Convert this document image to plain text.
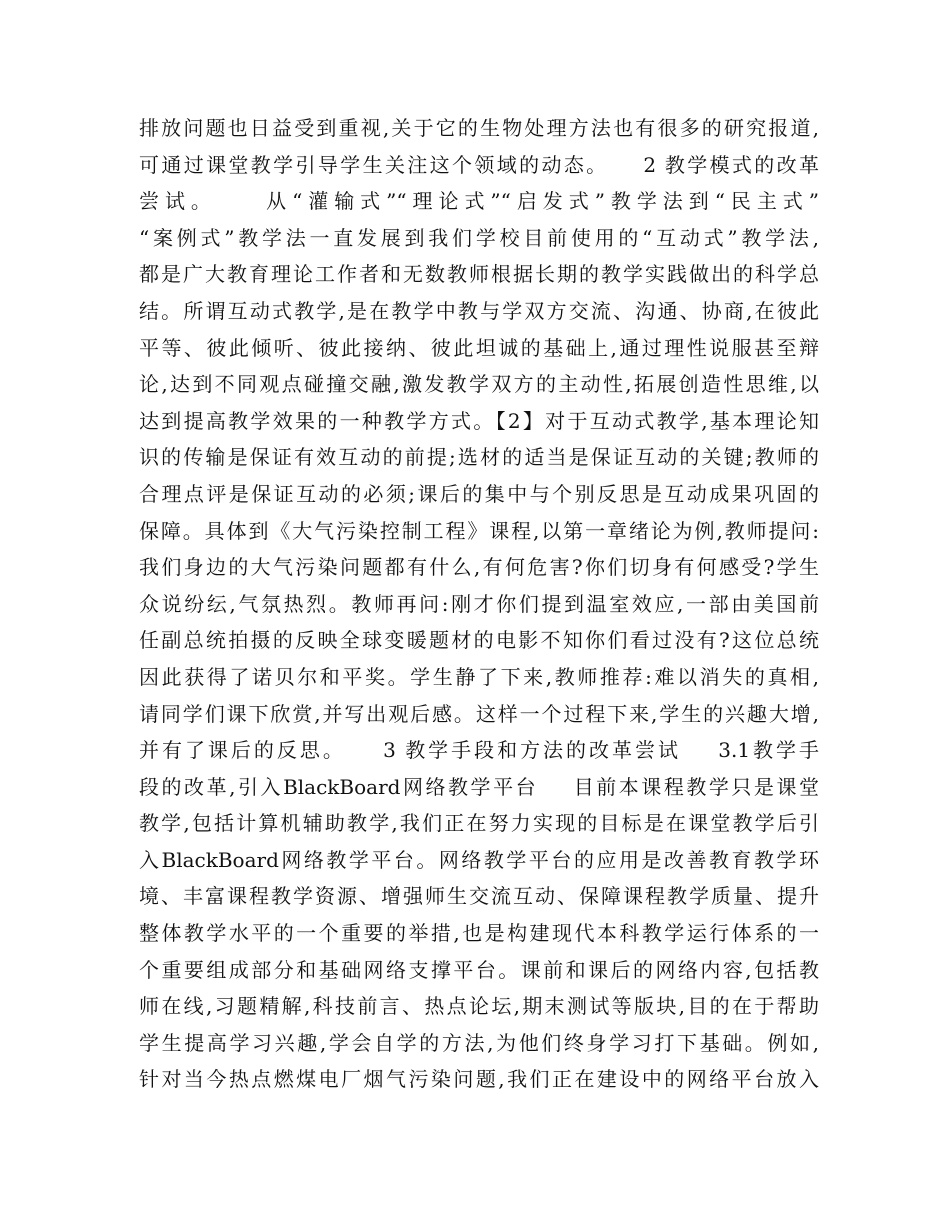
排放问题也日益受到重视,关于它的生物处理方法也有很多的研究报道,
可通过课堂教学引导学生关注这个领域的动态。    2 教学模式的改革
尝试。    从“灌输式”“理论式”“启发式”教学法到“民主式”
“案例式”教学法一直发展到我们学校目前使用的“互动式”教学法,
都是广大教育理论工作者和无数教师根据长期的教学实践做出的科学总
结。所谓互动式教学,是在教学中教与学双方交流、沟通、协商,在彼此
平等、彼此倾听、彼此接纳、彼此坦诚的基础上,通过理性说服甚至辩
论,达到不同观点碰撞交融,激发教学双方的主动性,拓展创造性思维,以
达到提高教学效果的一种教学方式。【2】对于互动式教学,基本理论知
识的传输是保证有效互动的前提;选材的适当是保证互动的关键;教师的
合理点评是保证互动的必须;课后的集中与个别反思是互动成果巩固的
保障。具体到《大气污染控制工程》课程,以第一章绪论为例,教师提问:
我们身边的大气污染问题都有什么,有何危害?你们切身有何感受?学生
众说纷纭,气氛热烈。教师再问:刚才你们提到温室效应,一部由美国前
任副总统拍摄的反映全球变暖题材的电影不知你们看过没有?这位总统
因此获得了诺贝尔和平奖。学生静了下来,教师推荐:难以消失的真相,
请同学们课下欣赏,并写出观后感。这样一个过程下来,学生的兴趣大增,
并有了课后的反思。    3 教学手段和方法的改革尝试    3.1教学手
段的改革,引入BlackBoard网络教学平台    目前本课程教学只是课堂
教学,包括计算机辅助教学,我们正在努力实现的目标是在课堂教学后引
入BlackBoard网络教学平台。网络教学平台的应用是改善教育教学环
境、丰富课程教学资源、增强师生交流互动、保障课程教学质量、提升
整体教学水平的一个重要的举措,也是构建现代本科教学运行体系的一
个重要组成部分和基础网络支撑平台。课前和课后的网络内容,包括教
师在线,习题精解,科技前言、热点论坛,期末测试等版块,目的在于帮助
学生提高学习兴趣,学会自学的方法,为他们终身学习打下基础。例如,
针对当今热点燃煤电厂烟气污染问题,我们正在建设中的网络平台放入
